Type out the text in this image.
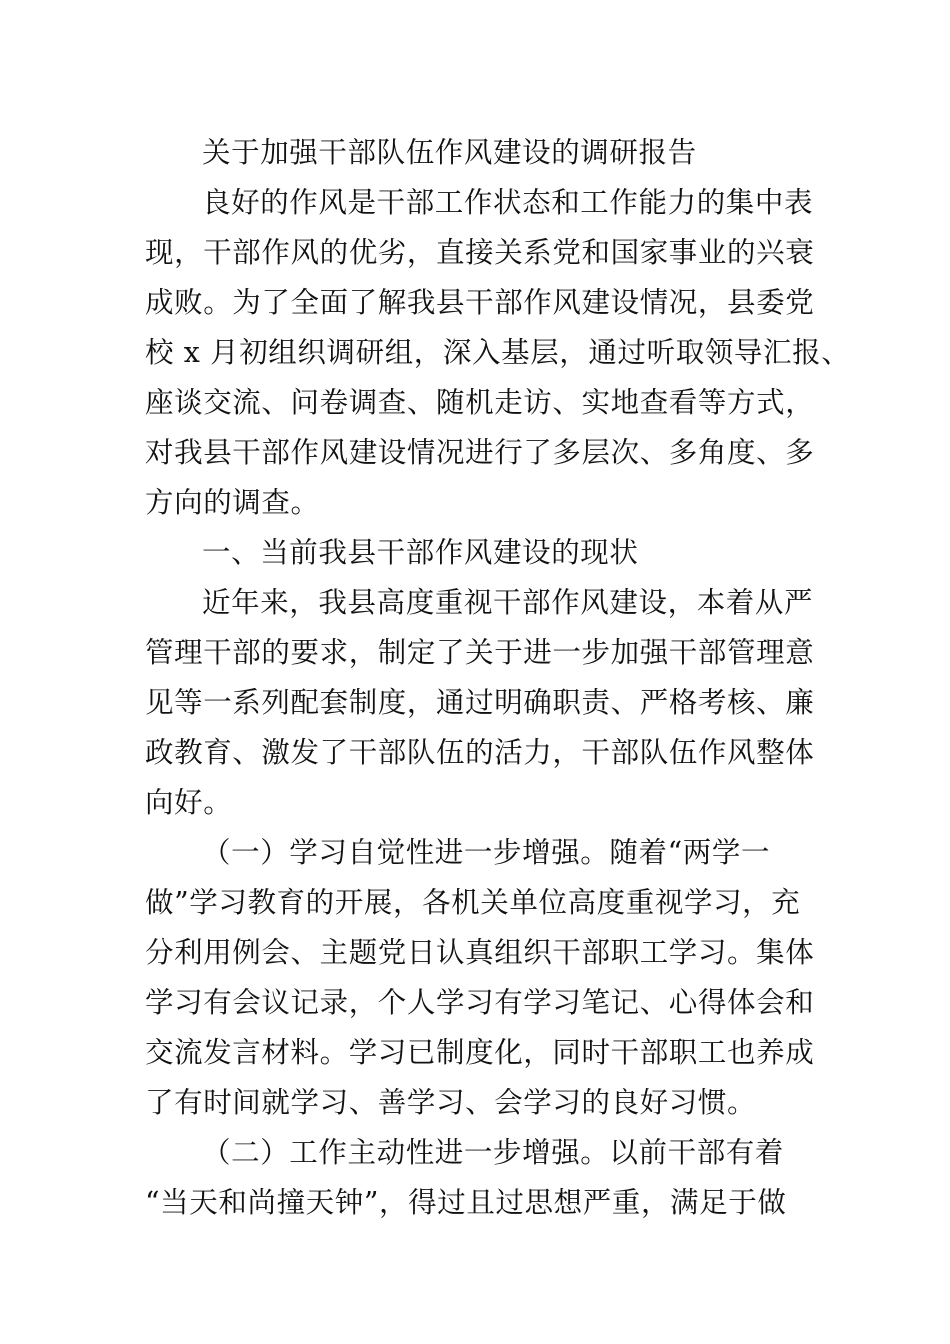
关于加强干部队伍作风建设的调研报告
良好的作风是干部工作状态和工作能力的集中表
现，干部作风的优劣，直接关系党和国家事业的兴衰
成败。为了全面了解我县干部作风建设情况，县委党
校 x 月初组织调研组，深入基层，通过听取领导汇报、
座谈交流、问卷调查、随机走访、实地查看等方式，
对我县干部作风建设情况进行了多层次、多角度、多
方向的调查。
一、当前我县干部作风建设的现状
近年来，我县高度重视干部作风建设，本着从严
管理干部的要求，制定了关于进一步加强干部管理意
见等一系列配套制度，通过明确职责、严格考核、廉
政教育、激发了干部队伍的活力，干部队伍作风整体
向好。
（一）学习自觉性进一步增强。随着“两学一
做”学习教育的开展，各机关单位高度重视学习，充
分利用例会、主题党日认真组织干部职工学习。集体
学习有会议记录，个人学习有学习笔记、心得体会和
交流发言材料。学习已制度化，同时干部职工也养成
了有时间就学习、善学习、会学习的良好习惯。
（二）工作主动性进一步增强。以前干部有着
“当天和尚撞天钟”，得过且过思想严重，满足于做
